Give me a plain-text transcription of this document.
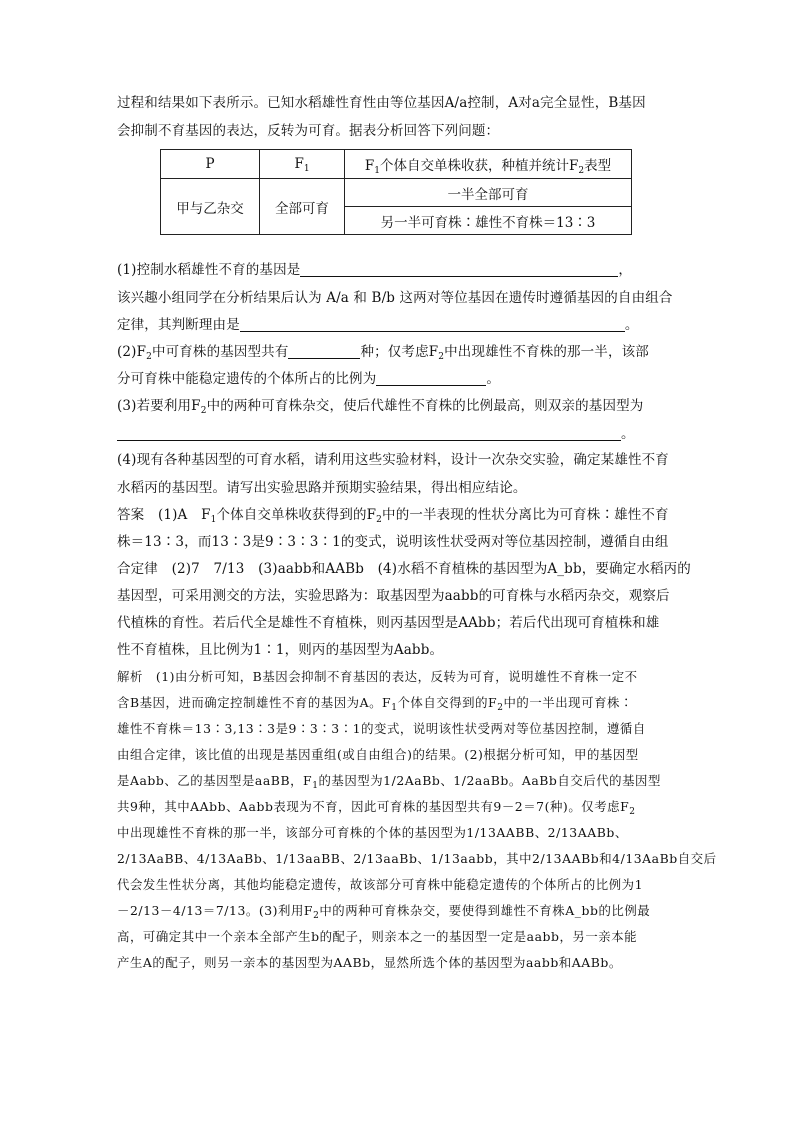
过程和结果如下表所示。已知水稻雄性育性由等位基因A/a控制，A对a完全显性，B基因
会抑制不育基因的表达，反转为可育。据表分析回答下列问题：
P	$F_1$	$F_1$个体自交单株收获，种植并统计$F_2$表型
甲与乙杂交	全部可育	一半全部可育
		另一半可育株∶雄性不育株＝13∶3
(1)控制水稻雄性不育的基因是	，
该兴趣小组同学在分析结果后认为 A/a 和 B/b 这两对等位基因在遗传时遵循基因的自由组合
定律，其判断理由是	。
$(2)F_2$中可育株的基因型共有	种；仅考虑$F_2$中出现雄性不育株的那一半，该部
分可育株中能稳定遗传的个体所占的比例为	。
(3)若要利用$F_2$中的两种可育株杂交，使后代雄性不育株的比例最高，则双亲的基因型为
。
(4)现有各种基因型的可育水稻，请利用这些实验材料，设计一次杂交实验，确定某雄性不育
水稻丙的基因型。请写出实验思路并预期实验结果，得出相应结论。
答案　(1)A　$F_1$个体自交单株收获得到的$F_2$中的一半表现的性状分离比为可育株∶雄性不育
株＝13∶3，而13∶3是9∶3∶3∶1的变式，说明该性状受两对等位基因控制，遵循自由组
合定律　(2)7　7/13　(3)aabb和AABb　(4)水稻不育植株的基因型为A_bb，要确定水稻丙的
基因型，可采用测交的方法，实验思路为：取基因型为aabb的可育株与水稻丙杂交，观察后
代植株的育性。若后代全是雄性不育植株，则丙基因型是AAbb；若后代出现可育植株和雄
性不育植株，且比例为1∶1，则丙的基因型为Aabb。
解析　(1)由分析可知，B基因会抑制不育基因的表达，反转为可育，说明雄性不育株一定不
含B基因，进而确定控制雄性不育的基因为A。$F_1$个体自交得到的$F_2$中的一半出现可育株∶
雄性不育株＝13∶3,13∶3是9∶3∶3∶1的变式，说明该性状受两对等位基因控制，遵循自
由组合定律，该比值的出现是基因重组(或自由组合)的结果。(2)根据分析可知，甲的基因型
是Aabb、乙的基因型是aaBB，$F_1$的基因型为1/2AaBb、1/2aaBb。AaBb自交后代的基因型
共9种，其中AAbb、Aabb表现为不育，因此可育株的基因型共有9－2＝7(种)。仅考虑$F_2$
中出现雄性不育株的那一半，该部分可育株的个体的基因型为1/13AABB、2/13AABb、
2/13AaBB、4/13AaBb、1/13aaBB、2/13aaBb、1/13aabb，其中2/13AABb和4/13AaBb自交后
代会发生性状分离，其他均能稳定遗传，故该部分可育株中能稳定遗传的个体所占的比例为1
－2/13－4/13＝7/13。(3)利用$F_2$中的两种可育株杂交，要使得到雄性不育株A_bb的比例最
高，可确定其中一个亲本全部产生b的配子，则亲本之一的基因型一定是aabb，另一亲本能
产生A的配子，则另一亲本的基因型为AABb，显然所选个体的基因型为aabb和AABb。
